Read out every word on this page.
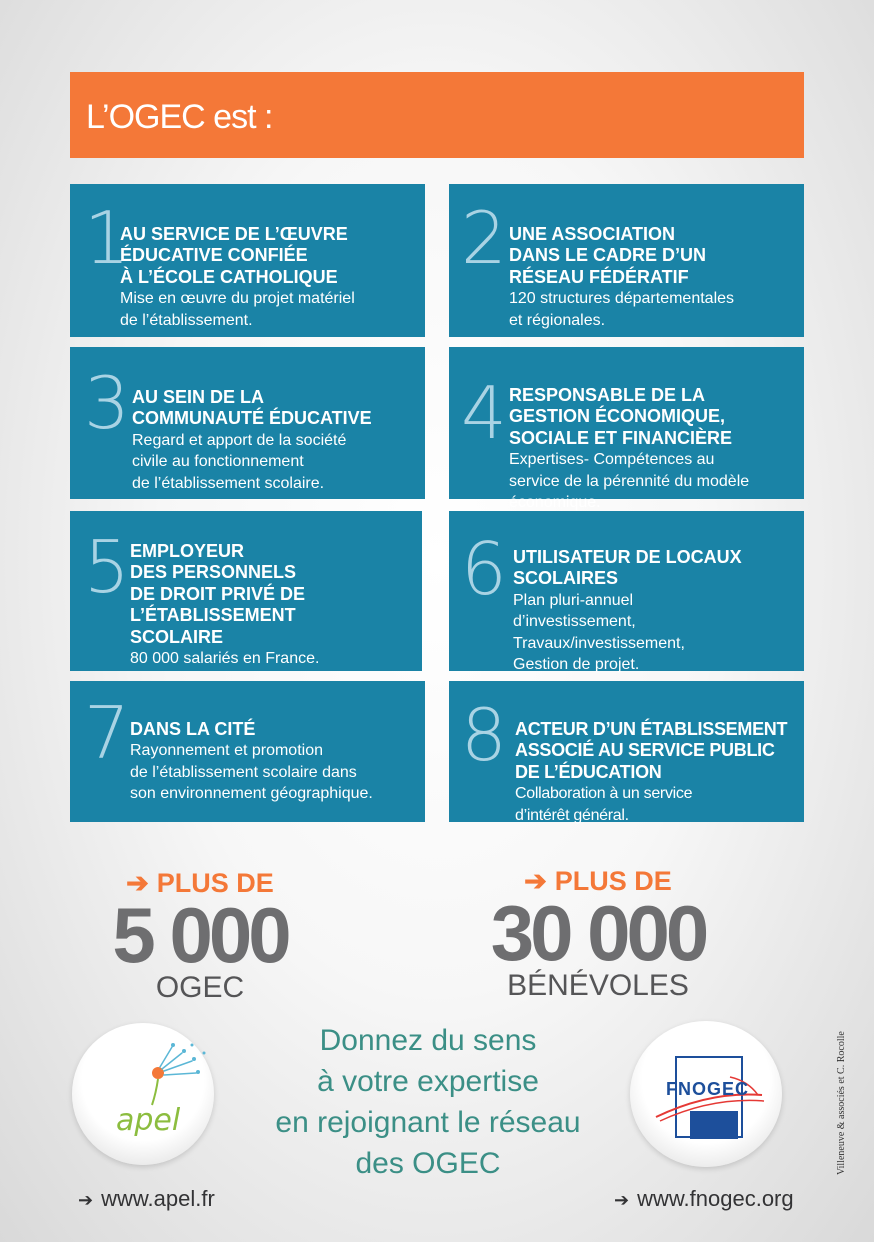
L’OGEC est :
1

AU SERVICE DE L’ŒUVRE
ÉDUCATIVE CONFIÉE
À L’ÉCOLE CATHOLIQUE

Mise en œuvre du projet matériel
de l’établissement.

2 UNE ASSOCIATION
DANS LE CADRE D’UN
RÉSEAU FÉDÉRATIF

120 structures départementales
et régionales.

3 AU SEIN DE LA
COMMUNAUTÉ ÉDUCATIVE

Regard et apport de la société
civile au fonctionnement
de l’établissement scolaire.

4 RESPONSABLE DE LA
GESTION ÉCONOMIQUE,
SOCIALE ET FINANCIÈRE

Expertises- Compétences au
service de la pérennité du modèle
économique.

5 EMPLOYEUR
DES PERSONNELS
DE DROIT PRIVÉ DE
L’ÉTABLISSEMENT
SCOLAIRE

80 000 salariés en France.

6 UTILISATEUR DE LOCAUX
SCOLAIRES

Plan pluri-annuel
d’investissement,
Travaux/investissement,
Gestion de projet.

7 DANS LA CITÉ

Rayonnement et promotion
de l’établissement scolaire dans
son environnement géographique.

8 ACTEUR D’UN ÉTABLISSEMENT
ASSOCIÉ AU SERVICE PUBLIC
DE L’ÉDUCATION

Collaboration à un service
d’intérêt général.

➔ PLUS DE
5 000
OGEC
➔ PLUS DE
30 000
BÉNÉVOLES
Donnez du sens
à votre expertise
en rejoignant le réseau
des OGEC
apel
FNOGEC
➔ www.apel.fr	➔ www.fnogec.org
Villeneuve & associés et C. Rocolle
